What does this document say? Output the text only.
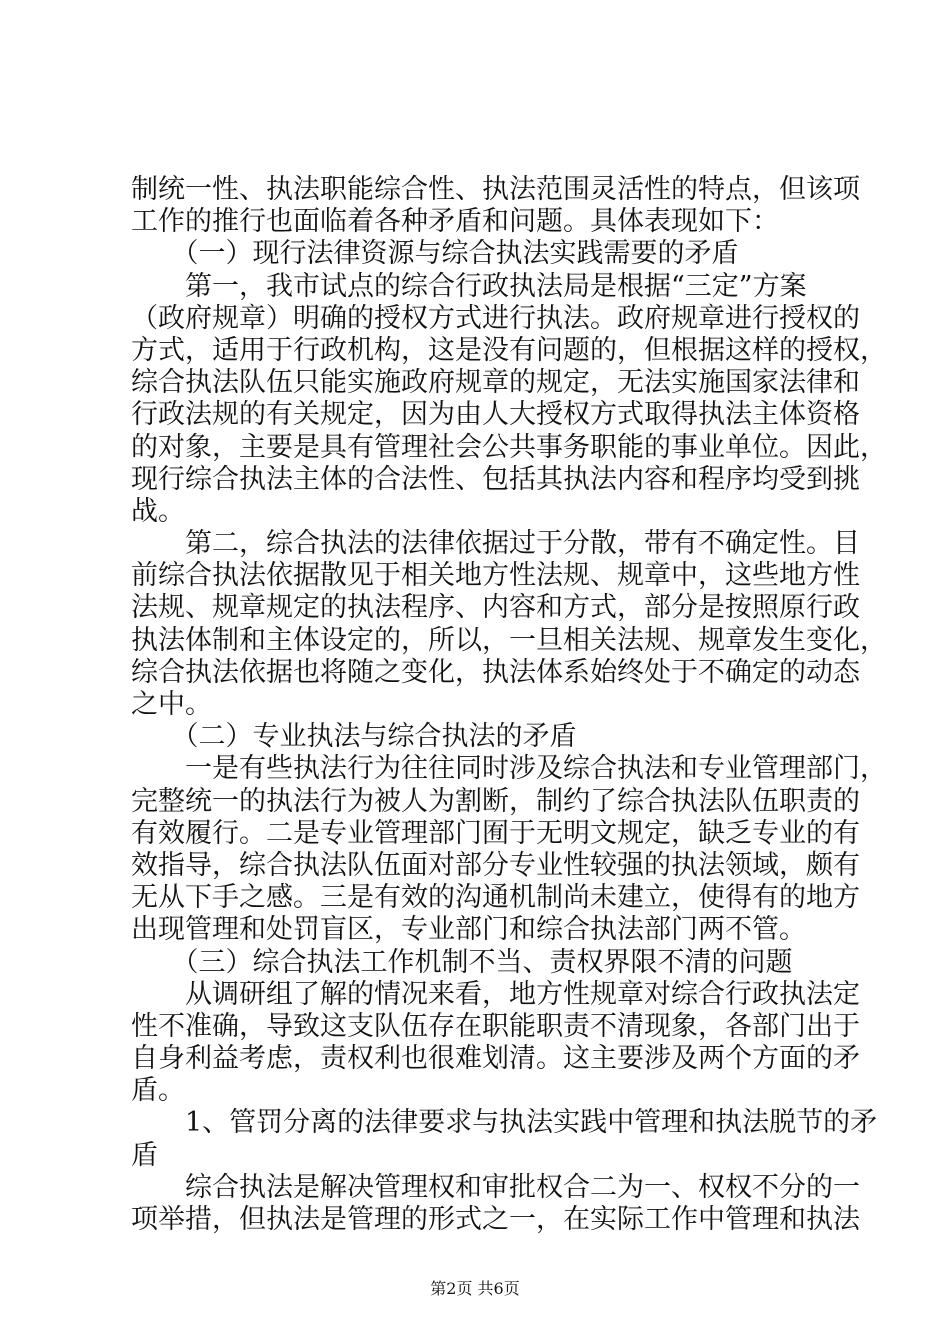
制统一性、执法职能综合性、执法范围灵活性的特点，但该项
工作的推行也面临着各种矛盾和问题。具体表现如下：
　　（一）现行法律资源与综合执法实践需要的矛盾
　　第一，我市试点的综合行政执法局是根据“三定”方案
（政府规章）明确的授权方式进行执法。政府规章进行授权的
方式，适用于行政机构，这是没有问题的，但根据这样的授权，
综合执法队伍只能实施政府规章的规定，无法实施国家法律和
行政法规的有关规定，因为由人大授权方式取得执法主体资格
的对象，主要是具有管理社会公共事务职能的事业单位。因此，
现行综合执法主体的合法性、包括其执法内容和程序均受到挑
战。
　　第二，综合执法的法律依据过于分散，带有不确定性。目
前综合执法依据散见于相关地方性法规、规章中，这些地方性
法规、规章规定的执法程序、内容和方式，部分是按照原行政
执法体制和主体设定的，所以，一旦相关法规、规章发生变化，
综合执法依据也将随之变化，执法体系始终处于不确定的动态
之中。
　　（二）专业执法与综合执法的矛盾
　　一是有些执法行为往往同时涉及综合执法和专业管理部门，
完整统一的执法行为被人为割断，制约了综合执法队伍职责的
有效履行。二是专业管理部门囿于无明文规定，缺乏专业的有
效指导，综合执法队伍面对部分专业性较强的执法领域，颇有
无从下手之感。三是有效的沟通机制尚未建立，使得有的地方
出现管理和处罚盲区，专业部门和综合执法部门两不管。
　　（三）综合执法工作机制不当、责权界限不清的问题
　　从调研组了解的情况来看，地方性规章对综合行政执法定
性不准确，导致这支队伍存在职能职责不清现象，各部门出于
自身利益考虑，责权利也很难划清。这主要涉及两个方面的矛
盾。
　　1、管罚分离的法律要求与执法实践中管理和执法脱节的矛
盾
　　综合执法是解决管理权和审批权合二为一、权权不分的一
项举措，但执法是管理的形式之一，在实际工作中管理和执法
第2页 共6页
